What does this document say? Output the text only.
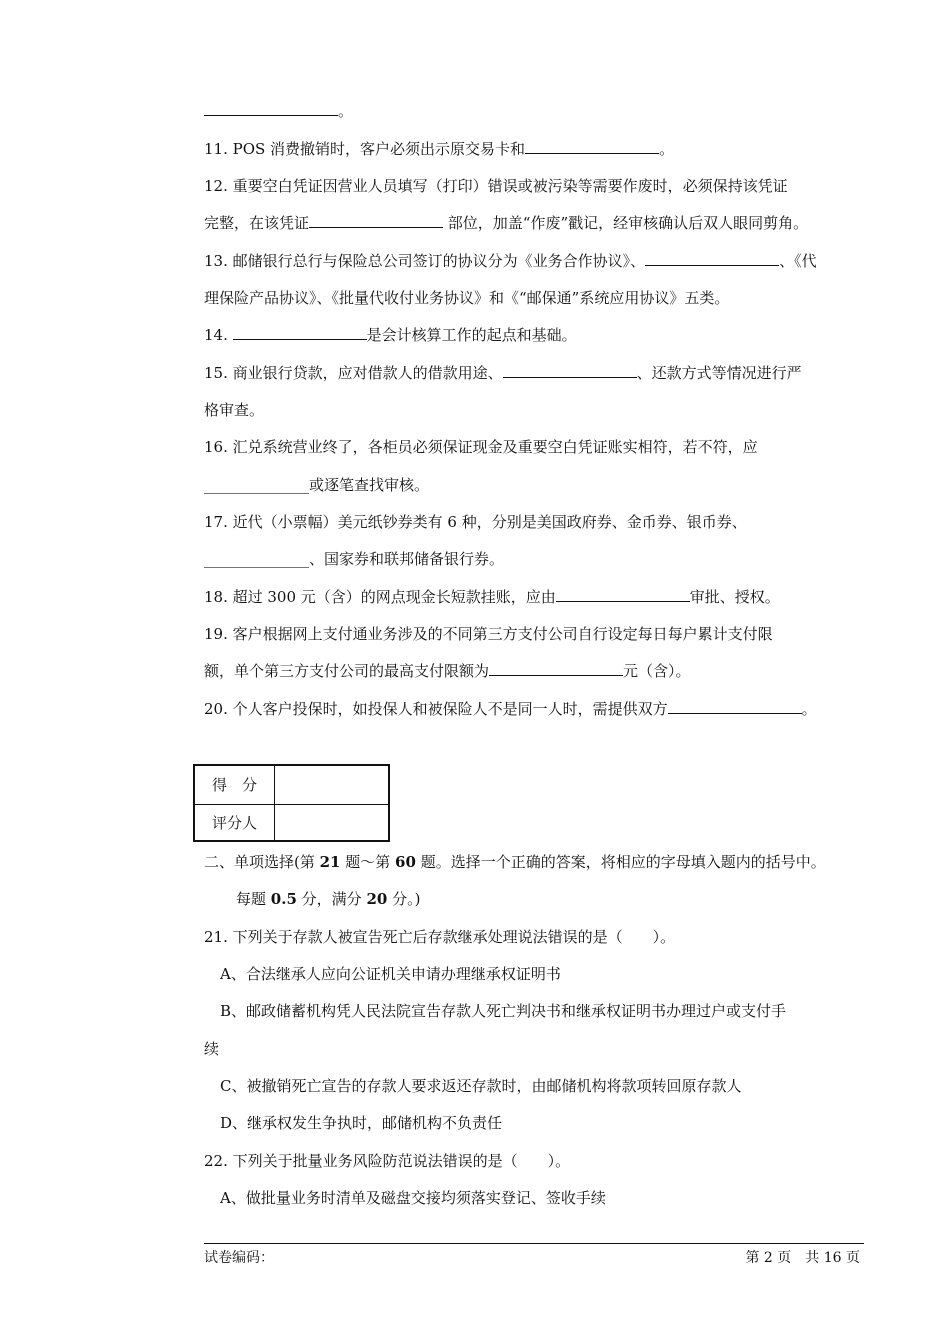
。
11. POS 消费撤销时，客户必须出示原交易卡和	。
12. 重要空白凭证因营业人员填写（打印）错误或被污染等需要作废时，必须保持该凭证
完整，在该凭证	部位，加盖“作废”戳记，经审核确认后双人眼同剪角。
13. 邮储银行总行与保险总公司签订的协议分为《业务合作协议》、	、《代
理保险产品协议》、《批量代收付业务协议》和《“邮保通”系统应用协议》五类。
14.	是会计核算工作的起点和基础。
15. 商业银行贷款，应对借款人的借款用途、	、还款方式等情况进行严
格审查。
16. 汇兑系统营业终了，各柜员必须保证现金及重要空白凭证账实相符，若不符，应
______________或逐笔查找审核。
17. 近代（小票幅）美元纸钞券类有 6 种，分别是美国政府券、金币券、银币券、
______________、国家券和联邦储备银行券。
18. 超过 300 元（含）的网点现金长短款挂账，应由	审批、授权。
19. 客户根据网上支付通业务涉及的不同第三方支付公司自行设定每日每户累计支付限
额，单个第三方支付公司的最高支付限额为	元（含）。
20. 个人客户投保时，如投保人和被保险人不是同一人时，需提供双方	。
得　分
评分人
二、单项选择(第 21 题～第 60 题。选择一个正确的答案，将相应的字母填入题内的括号中。
每题 0.5 分，满分 20 分。)
21. 下列关于存款人被宣告死亡后存款继承处理说法错误的是（　　）。
A、合法继承人应向公证机关申请办理继承权证明书
B、邮政储蓄机构凭人民法院宣告存款人死亡判决书和继承权证明书办理过户或支付手
续
C、被撤销死亡宣告的存款人要求返还存款时，由邮储机构将款项转回原存款人
D、继承权发生争执时，邮储机构不负责任
22. 下列关于批量业务风险防范说法错误的是（　　）。
A、做批量业务时清单及磁盘交接均须落实登记、签收手续
试卷编码：	第 2 页　共 16 页
